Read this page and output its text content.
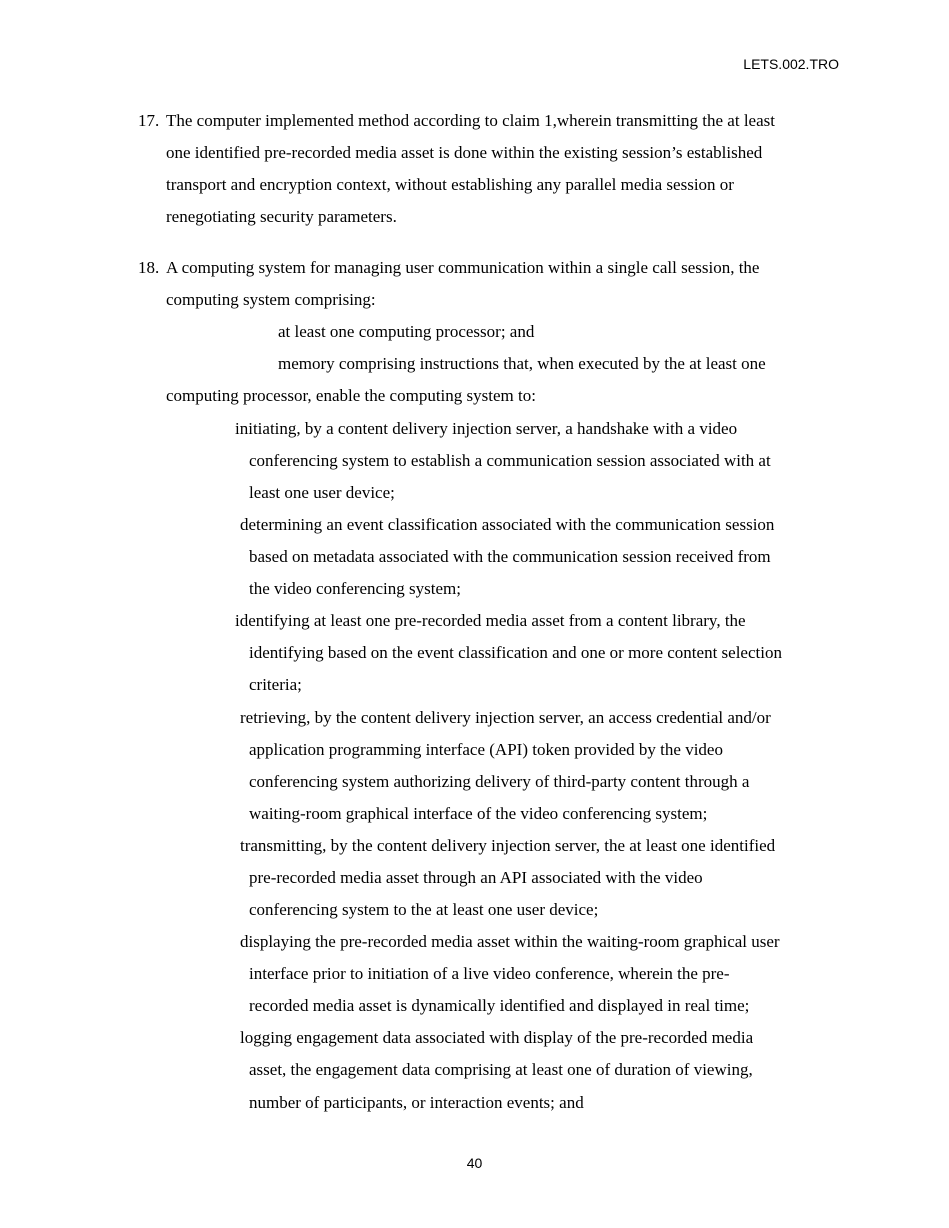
LETS.002.TRO
17. The computer implemented method according to claim 1,wherein transmitting the at least
one identified pre-recorded media asset is done within the existing session’s established
transport and encryption context, without establishing any parallel media session or
renegotiating security parameters.
18. A computing system for managing user communication within a single call session, the
computing system comprising:
at least one computing processor; and
memory comprising instructions that, when executed by the at least one
computing processor, enable the computing system to:
initiating, by a content delivery injection server, a handshake with a video
conferencing system to establish a communication session associated with at
least one user device;
determining an event classification associated with the communication session
based on metadata associated with the communication session received from
the video conferencing system;
identifying at least one pre-recorded media asset from a content library, the
identifying based on the event classification and one or more content selection
criteria;
retrieving, by the content delivery injection server, an access credential and/or
application programming interface (API) token provided by the video
conferencing system authorizing delivery of third-party content through a
waiting-room graphical interface of the video conferencing system;
transmitting, by the content delivery injection server, the at least one identified
pre-recorded media asset through an API associated with the video
conferencing system to the at least one user device;
displaying the pre-recorded media asset within the waiting-room graphical user
interface prior to initiation of a live video conference, wherein the pre-
recorded media asset is dynamically identified and displayed in real time;
logging engagement data associated with display of the pre-recorded media
asset, the engagement data comprising at least one of duration of viewing,
number of participants, or interaction events; and
40
